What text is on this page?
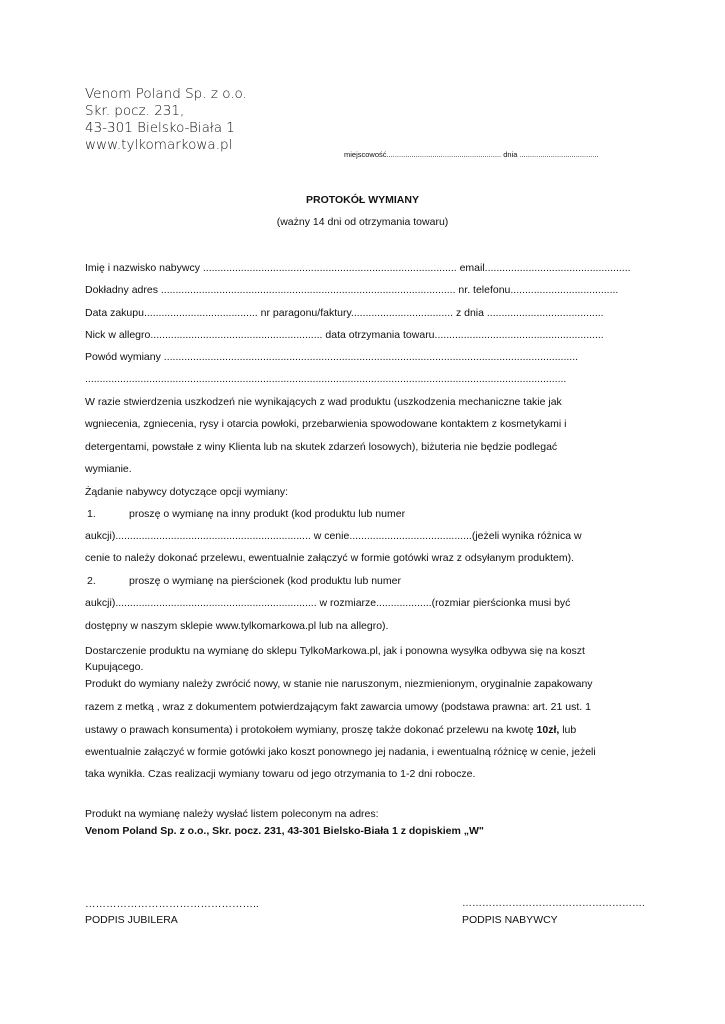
Venom Poland Sp. z o.o.
Skr. pocz. 231,
43-301 Bielsko-Biała 1
www.tylkomarkowa.pl
miejscowość....................................................... dnia ......................................
PROTOKÓŁ WYMIANY
(ważny 14 dni od otrzymania towaru)
Imię i nazwisko nabywcy ....................................................................................... email..................................................
Dokładny adres ..................................................................................................... nr. telefonu.....................................
Data zakupu....................................... nr paragonu/faktury................................... z dnia ........................................
Nick w allegro........................................................... data otrzymania towaru..........................................................
Powód wymiany ..............................................................................................................................................
.....................................................................................................................................................................
W razie stwierdzenia uszkodzeń nie wynikających z wad produktu (uszkodzenia mechaniczne takie jak
wgniecenia, zgniecenia, rysy i otarcia powłoki, przebarwienia spowodowane kontaktem z kosmetykami i
detergentami, powstałe z winy Klienta lub na skutek zdarzeń losowych), biżuteria nie będzie podlegać
wymianie.
Żądanie nabywcy dotyczące opcji wymiany:
1.	proszę o wymianę na inny produkt (kod produktu lub numer
aukcji)................................................................... w cenie..........................................(jeżeli wynika różnica w
cenie to należy dokonać przelewu, ewentualnie załączyć w formie gotówki wraz z odsyłanym produktem).
2.	proszę o wymianę na pierścionek (kod produktu lub numer
aukcji)..................................................................... w rozmiarze...................(rozmiar pierścionka musi być
dostępny w naszym sklepie www.tylkomarkowa.pl lub na allegro).
Dostarczenie produktu na wymianę do sklepu TylkoMarkowa.pl, jak i ponowna wysyłka odbywa się na koszt
Kupującego.
Produkt do wymiany należy zwrócić nowy, w stanie nie naruszonym, niezmienionym, oryginalnie zapakowany
razem z metką , wraz z dokumentem potwierdzającym fakt zawarcia umowy (podstawa prawna: art. 21 ust. 1
ustawy o prawach konsumenta) i protokołem wymiany, proszę także dokonać przelewu na kwotę 10zł, lub
ewentualnie załączyć w formie gotówki jako koszt ponownego jej nadania, i ewentualną różnicę w cenie, jeżeli
taka wynikła. Czas realizacji wymiany towaru od jego otrzymania to 1-2 dni robocze.
Produkt na wymianę należy wysłać listem poleconym na adres:
Venom Poland Sp. z o.o., Skr. pocz. 231, 43-301 Bielsko-Biała 1 z dopiskiem „W"
…………………………………………..
PODPIS JUBILERA
……………………………………………….
PODPIS NABYWCY
